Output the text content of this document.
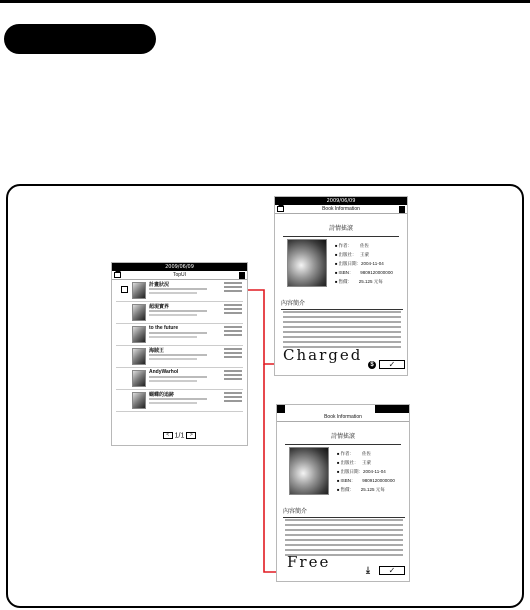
2009/06/09
TopUI
計畫狀況
超現實界
to the future
海賊王
AndyWarhol
蝴蝶的追跡
< 1/1 >
2009/06/09
Book Information
詩情搖滾
■ 作者：　　 佐佐
■ 出版社：　 王蒙
■ 出版日期：2004-11-04
■ ISBN：　　9809120000000
■ 售價：　　25.125 元每
內容簡介
$	✓
Book Information
詩情搖滾
■ 作者：　　 佐佐
■ 出版社：　 王蒙
■ 出版日期：2004-11-04
■ ISBN：　　9809120000000
■ 售價：　　25.125 元每
內容簡介
⤓	✓
Charged
Free
